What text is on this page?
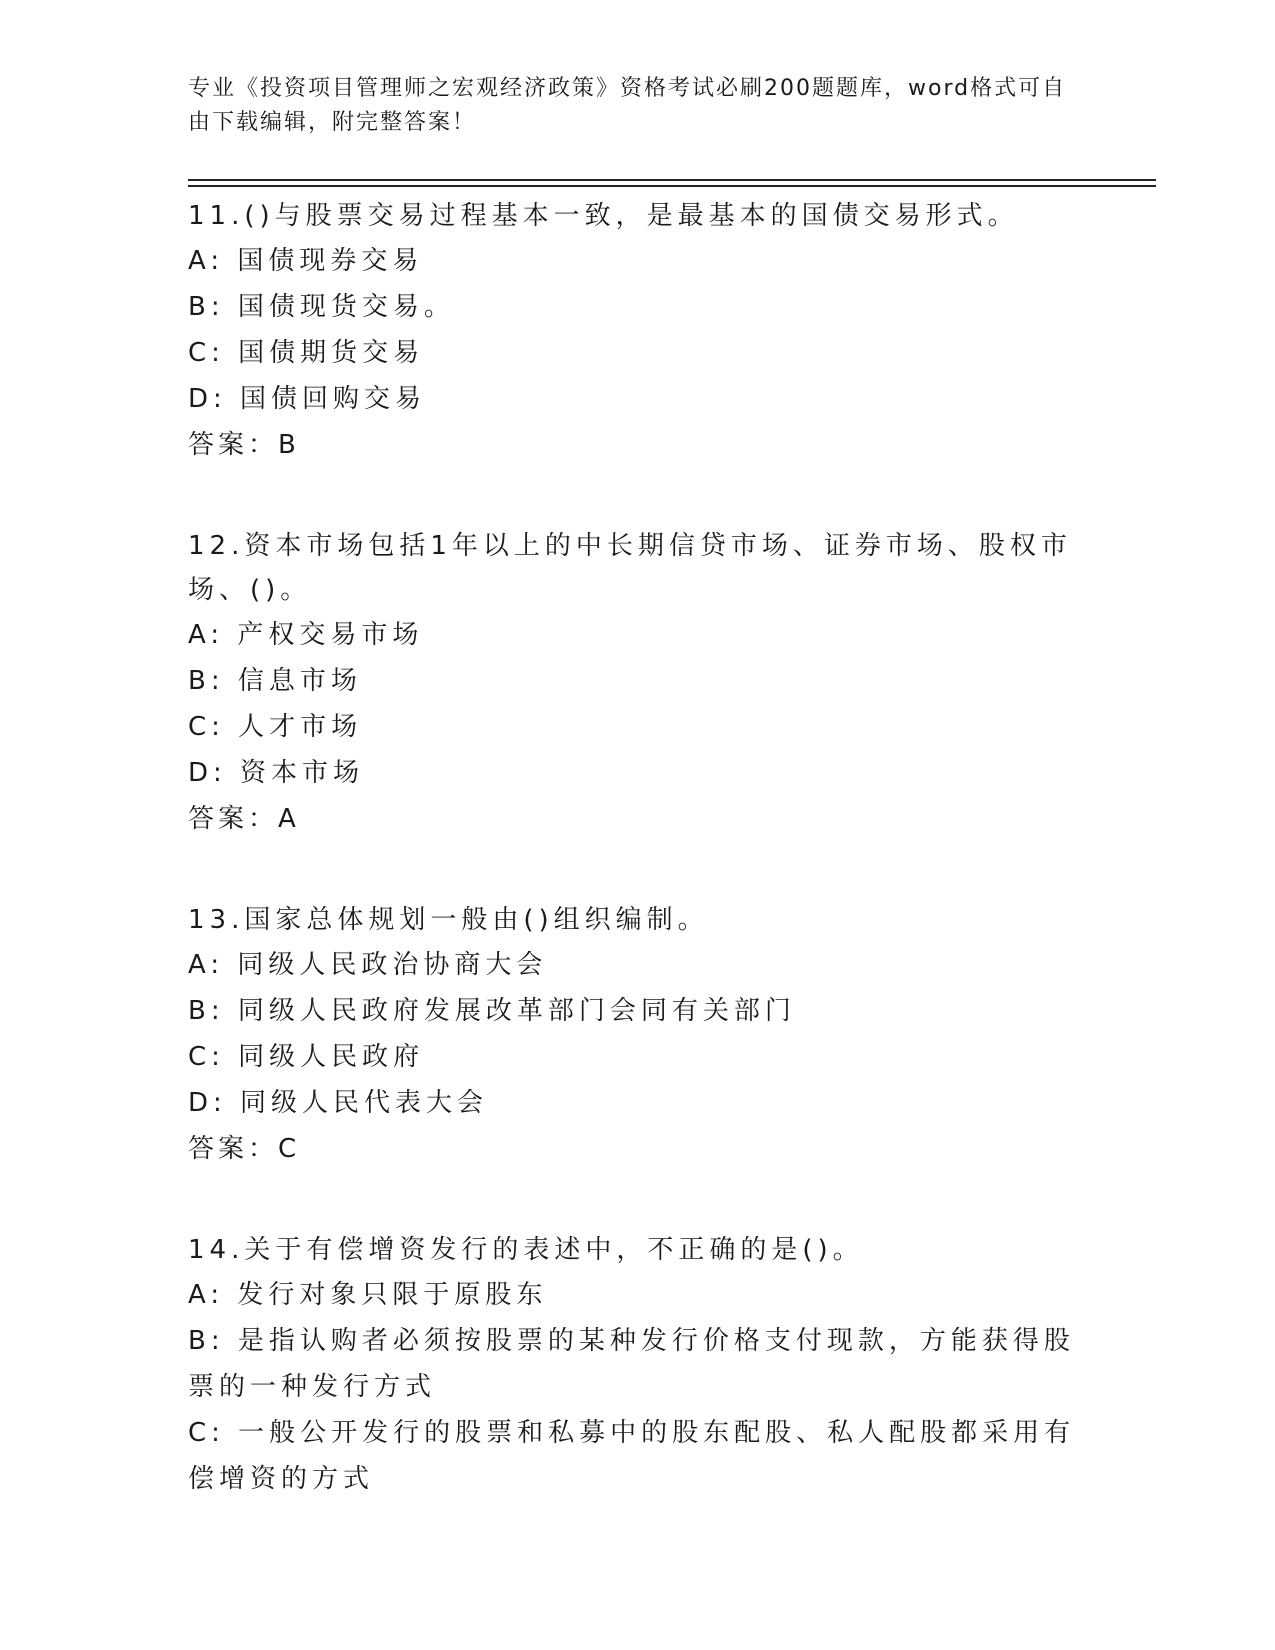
专业《投资项目管理师之宏观经济政策》资格考试必刷200题题库，word格式可自由下载编辑，附完整答案！

11.()与股票交易过程基本一致，是最基本的国债交易形式。

A: 国债现券交易

B: 国债现货交易。

C: 国债期货交易

D: 国债回购交易

答案：B

12.资本市场包括1年以上的中长期信贷市场、证券市场、股权市场、()。

A: 产权交易市场

B: 信息市场

C: 人才市场

D: 资本市场

答案：A

13.国家总体规划一般由()组织编制。

A: 同级人民政治协商大会

B: 同级人民政府发展改革部门会同有关部门

C: 同级人民政府

D: 同级人民代表大会

答案：C

14.关于有偿增资发行的表述中，不正确的是()。

A: 发行对象只限于原股东

B: 是指认购者必须按股票的某种发行价格支付现款，方能获得股票的一种发行方式

C: 一般公开发行的股票和私募中的股东配股、私人配股都采用有偿增资的方式
